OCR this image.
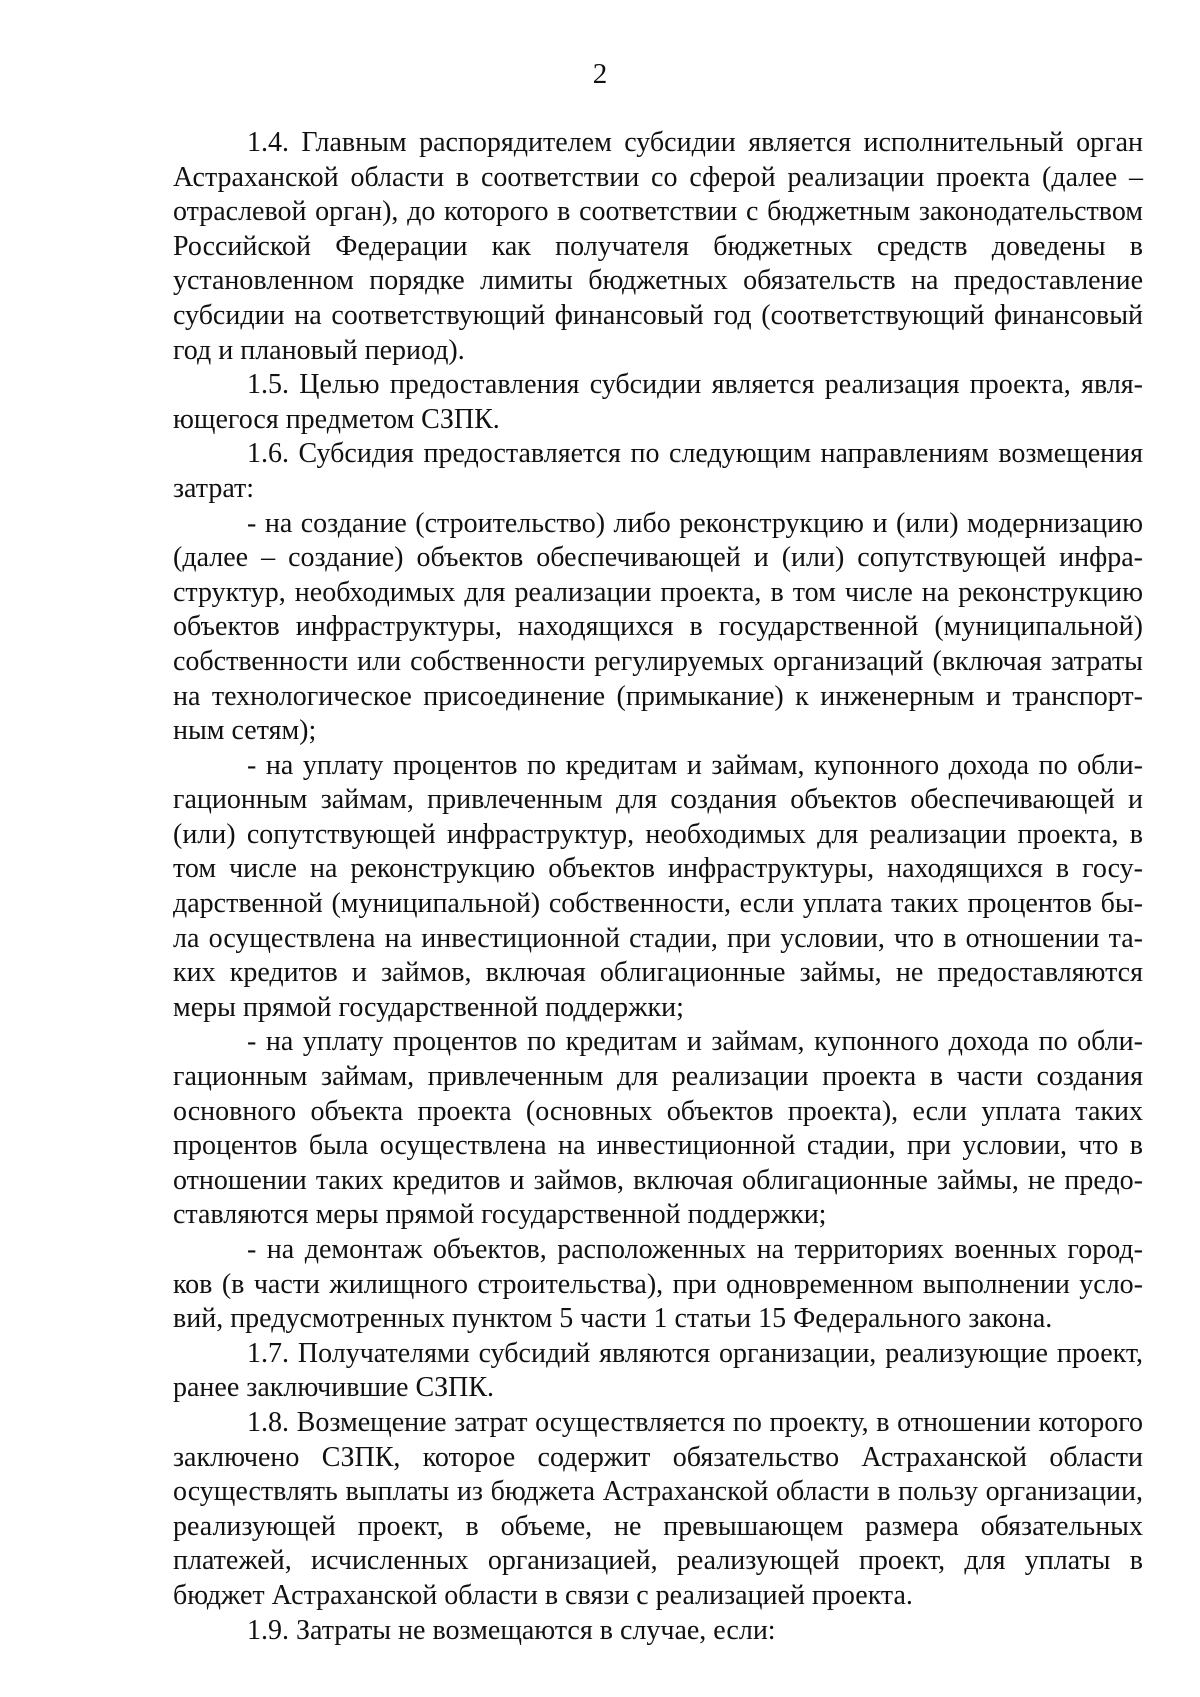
2

1.4. Главным распорядителем субсидии является исполнительный орган Астраханской области в соответствии со сферой реализации проекта (далее – отраслевой орган), до которого в соответствии с бюджетным законодательством Российской Федерации как получателя бюджетных средств доведены в установленном порядке лимиты бюджетных обязательств на предоставление субсидии на соответствующий финансовый год (соответствующий финансовый год и плановый период).

1.5. Целью предоставления субсидии является реализация проекта, являющегося предметом СЗПК.

1.6. Субсидия предоставляется по следующим направлениям возмещения затрат:

- на создание (строительство) либо реконструкцию и (или) модернизацию (далее – создание) объектов обеспечивающей и (или) сопутствующей инфраструктур, необходимых для реализации проекта, в том числе на реконструкцию объектов инфраструктуры, находящихся в государственной (муниципальной) собственности или собственности регулируемых организаций (включая затраты на технологическое присоединение (примыкание) к инженерным и транспортным сетям);

- на уплату процентов по кредитам и займам, купонного дохода по облигационным займам, привлеченным для создания объектов обеспечивающей и (или) сопутствующей инфраструктур, необходимых для реализации проекта, в том числе на реконструкцию объектов инфраструктуры, находящихся в государственной (муниципальной) собственности, если уплата таких процентов была осуществлена на инвестиционной стадии, при условии, что в отношении таких кредитов и займов, включая облигационные займы, не предоставляются меры прямой государственной поддержки;

- на уплату процентов по кредитам и займам, купонного дохода по облигационным займам, привлеченным для реализации проекта в части создания основного объекта проекта (основных объектов проекта), если уплата таких процентов была осуществлена на инвестиционной стадии, при условии, что в отношении таких кредитов и займов, включая облигационные займы, не предоставляются меры прямой государственной поддержки;

- на демонтаж объектов, расположенных на территориях военных городков (в части жилищного строительства), при одновременном выполнении условий, предусмотренных пунктом 5 части 1 статьи 15 Федерального закона.

1.7. Получателями субсидий являются организации, реализующие проект, ранее заключившие СЗПК.

1.8. Возмещение затрат осуществляется по проекту, в отношении которого заключено СЗПК, которое содержит обязательство Астраханской области осуществлять выплаты из бюджета Астраханской области в пользу организации, реализующей проект, в объеме, не превышающем размера обязательных платежей, исчисленных организацией, реализующей проект, для уплаты в бюджет Астраханской области в связи с реализацией проекта.

1.9. Затраты не возмещаются в случае, если:
